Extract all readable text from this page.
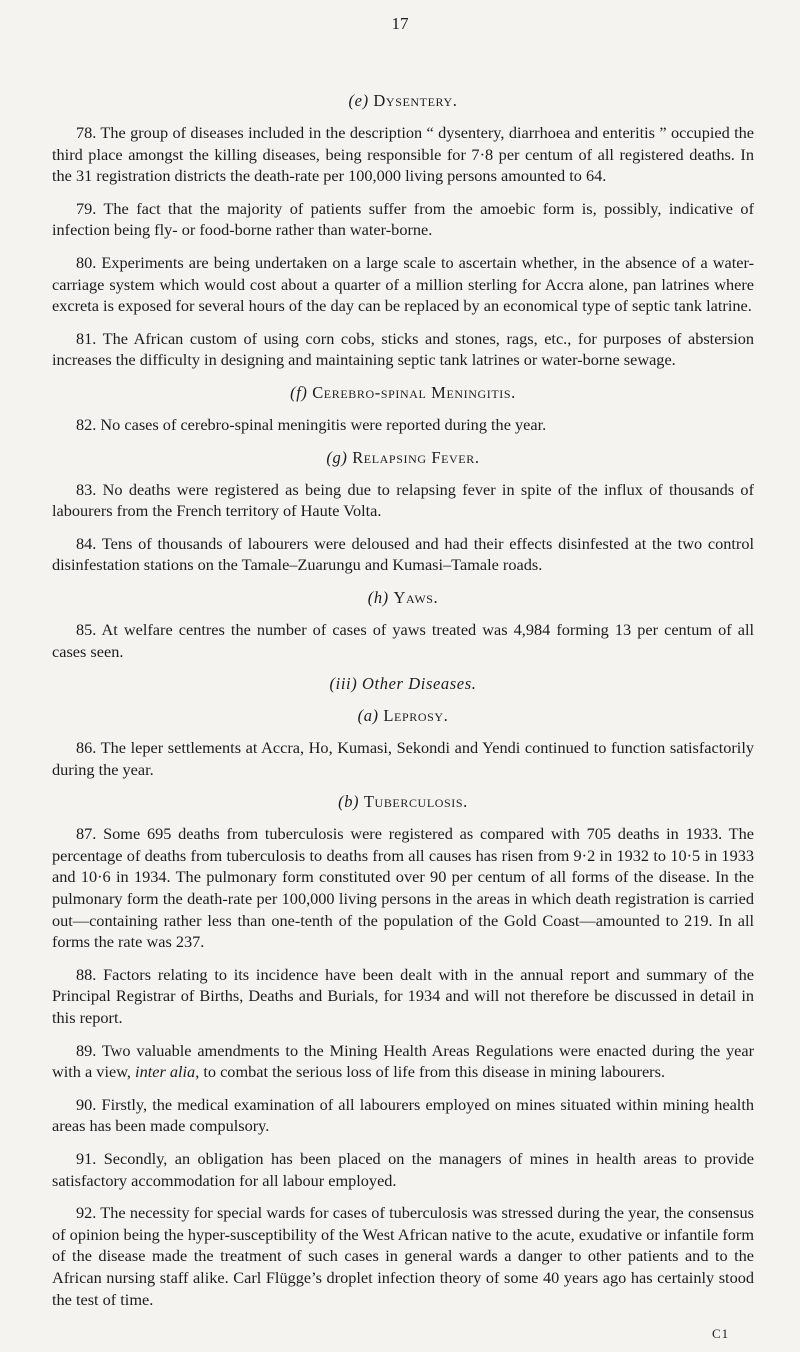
17
(e) Dysentery.
78. The group of diseases included in the description “ dysentery, diarrhoea and enteritis ” occupied the third place amongst the killing diseases, being responsible for 7·8 per centum of all registered deaths. In the 31 registration districts the death-rate per 100,000 living persons amounted to 64.
79. The fact that the majority of patients suffer from the amoebic form is, possibly, indicative of infection being fly- or food-borne rather than water-borne.
80. Experiments are being undertaken on a large scale to ascertain whether, in the absence of a water-carriage system which would cost about a quarter of a million sterling for Accra alone, pan latrines where excreta is exposed for several hours of the day can be replaced by an economical type of septic tank latrine.
81. The African custom of using corn cobs, sticks and stones, rags, etc., for purposes of abstersion increases the difficulty in designing and maintaining septic tank latrines or water-borne sewage.
(f) Cerebro-spinal Meningitis.
82. No cases of cerebro-spinal meningitis were reported during the year.
(g) Relapsing Fever.
83. No deaths were registered as being due to relapsing fever in spite of the influx of thousands of labourers from the French territory of Haute Volta.
84. Tens of thousands of labourers were deloused and had their effects disinfested at the two control disinfestation stations on the Tamale–Zuarungu and Kumasi–Tamale roads.
(h) Yaws.
85. At welfare centres the number of cases of yaws treated was 4,984 forming 13 per centum of all cases seen.
(iii) Other Diseases.
(a) Leprosy.
86. The leper settlements at Accra, Ho, Kumasi, Sekondi and Yendi continued to function satisfactorily during the year.
(b) Tuberculosis.
87. Some 695 deaths from tuberculosis were registered as compared with 705 deaths in 1933. The percentage of deaths from tuberculosis to deaths from all causes has risen from 9·2 in 1932 to 10·5 in 1933 and 10·6 in 1934. The pulmonary form constituted over 90 per centum of all forms of the disease. In the pulmonary form the death-rate per 100,000 living persons in the areas in which death registration is carried out—containing rather less than one-tenth of the population of the Gold Coast—amounted to 219. In all forms the rate was 237.
88. Factors relating to its incidence have been dealt with in the annual report and summary of the Principal Registrar of Births, Deaths and Burials, for 1934 and will not therefore be discussed in detail in this report.
89. Two valuable amendments to the Mining Health Areas Regulations were enacted during the year with a view, inter alia, to combat the serious loss of life from this disease in mining labourers.
90. Firstly, the medical examination of all labourers employed on mines situated within mining health areas has been made compulsory.
91. Secondly, an obligation has been placed on the managers of mines in health areas to provide satisfactory accommodation for all labour employed.
92. The necessity for special wards for cases of tuberculosis was stressed during the year, the consensus of opinion being the hyper-susceptibility of the West African native to the acute, exudative or infantile form of the disease made the treatment of such cases in general wards a danger to other patients and to the African nursing staff alike. Carl Flügge’s droplet infection theory of some 40 years ago has certainly stood the test of time.
C1
